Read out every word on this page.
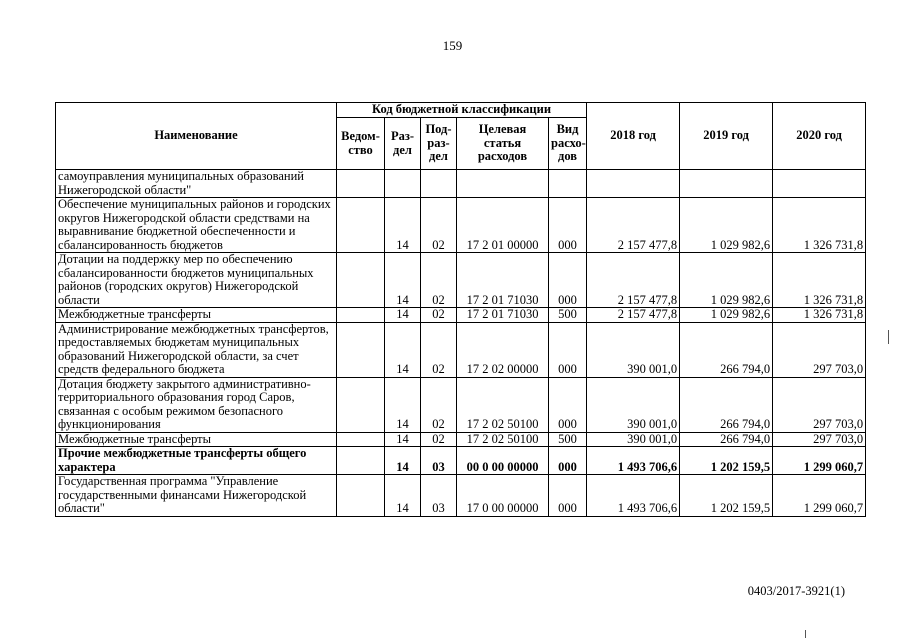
159
Наименование	Код бюджетной классификации					2018 год	2019 год	2020 год
	Ведом-ство	Раз-дел	Под-раз-дел	Целевая статья расходов	Вид расхо-дов			
самоуправления муниципальных образований Нижегородской области"								
Обеспечение муниципальных районов и городских округов Нижегородской области средствами на выравнивание бюджетной обеспеченности и сбалансированность бюджетов		14	02	17 2 01 00000	000	2 157 477,8	1 029 982,6	1 326 731,8
Дотации на поддержку мер по обеспечению сбалансированности бюджетов муниципальных районов (городских округов) Нижегородской области		14	02	17 2 01 71030	000	2 157 477,8	1 029 982,6	1 326 731,8
Межбюджетные трансферты		14	02	17 2 01 71030	500	2 157 477,8	1 029 982,6	1 326 731,8
Администрирование межбюджетных трансфертов, предоставляемых бюджетам муниципальных образований Нижегородской области, за счет средств федерального бюджета		14	02	17 2 02 00000	000	390 001,0	266 794,0	297 703,0
Дотация бюджету закрытого административно-территориального образования город Саров, связанная с особым режимом безопасного функционирования		14	02	17 2 02 50100	000	390 001,0	266 794,0	297 703,0
Межбюджетные трансферты		14	02	17 2 02 50100	500	390 001,0	266 794,0	297 703,0
Прочие межбюджетные трансферты общего характера		14	03	00 0 00 00000	000	1 493 706,6	1 202 159,5	1 299 060,7
Государственная программа "Управление государственными финансами Нижегородской области"		14	03	17 0 00 00000	000	1 493 706,6	1 202 159,5	1 299 060,7
0403/2017-3921(1)
